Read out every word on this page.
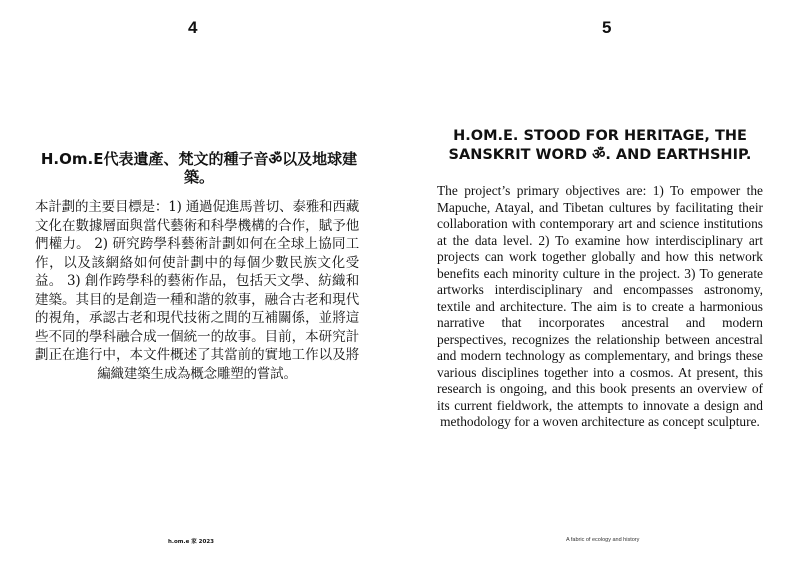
4
H.Om.E代表遺產、梵文的種子音ॐ以及地球建築。
本計劃的主要目標是：1) 通過促進馬普切、泰雅和西藏文化在數據層面與當代藝術和科學機構的合作，賦予他們權力。 2) 研究跨學科藝術計劃如何在全球上協同工作，以及該網絡如何使計劃中的每個少數民族文化受益。 3) 創作跨學科的藝術作品，包括天文學、紡織和建築。其目的是創造一種和諧的敘事，融合古老和現代的視角，承認古老和現代技術之間的互補關係，並將這些不同的學科融合成一個統一的故事。目前，本研究計劃正在進行中，本文件概述了其當前的實地工作以及將編織建築生成為概念雕塑的嘗試。
h.om.e 家 2023
5
H.OM.E. STOOD FOR HERITAGE, THE SANSKRIT WORD ॐ. AND EARTHSHIP.
The project’s primary objectives are: 1) To empower the Mapuche, Atayal, and Tibetan cultures by facilitating their collaboration with contemporary art and science institutions at the data level. 2) To examine how interdisciplinary art projects can work together globally and how this network benefits each minority culture in the project. 3) To generate artworks interdisciplinary and encompasses astronomy, textile and architecture. The aim is to create a harmonious narrative that incorporates ancestral and modern perspectives, recognizes the relationship between ancestral and modern technology as complementary, and brings these various disciplines together into a cosmos. At present, this research is ongoing, and this book presents an overview of its current fieldwork, the attempts to innovate a design and methodology for a woven architecture as concept sculpture.
A fabric of ecology and history
